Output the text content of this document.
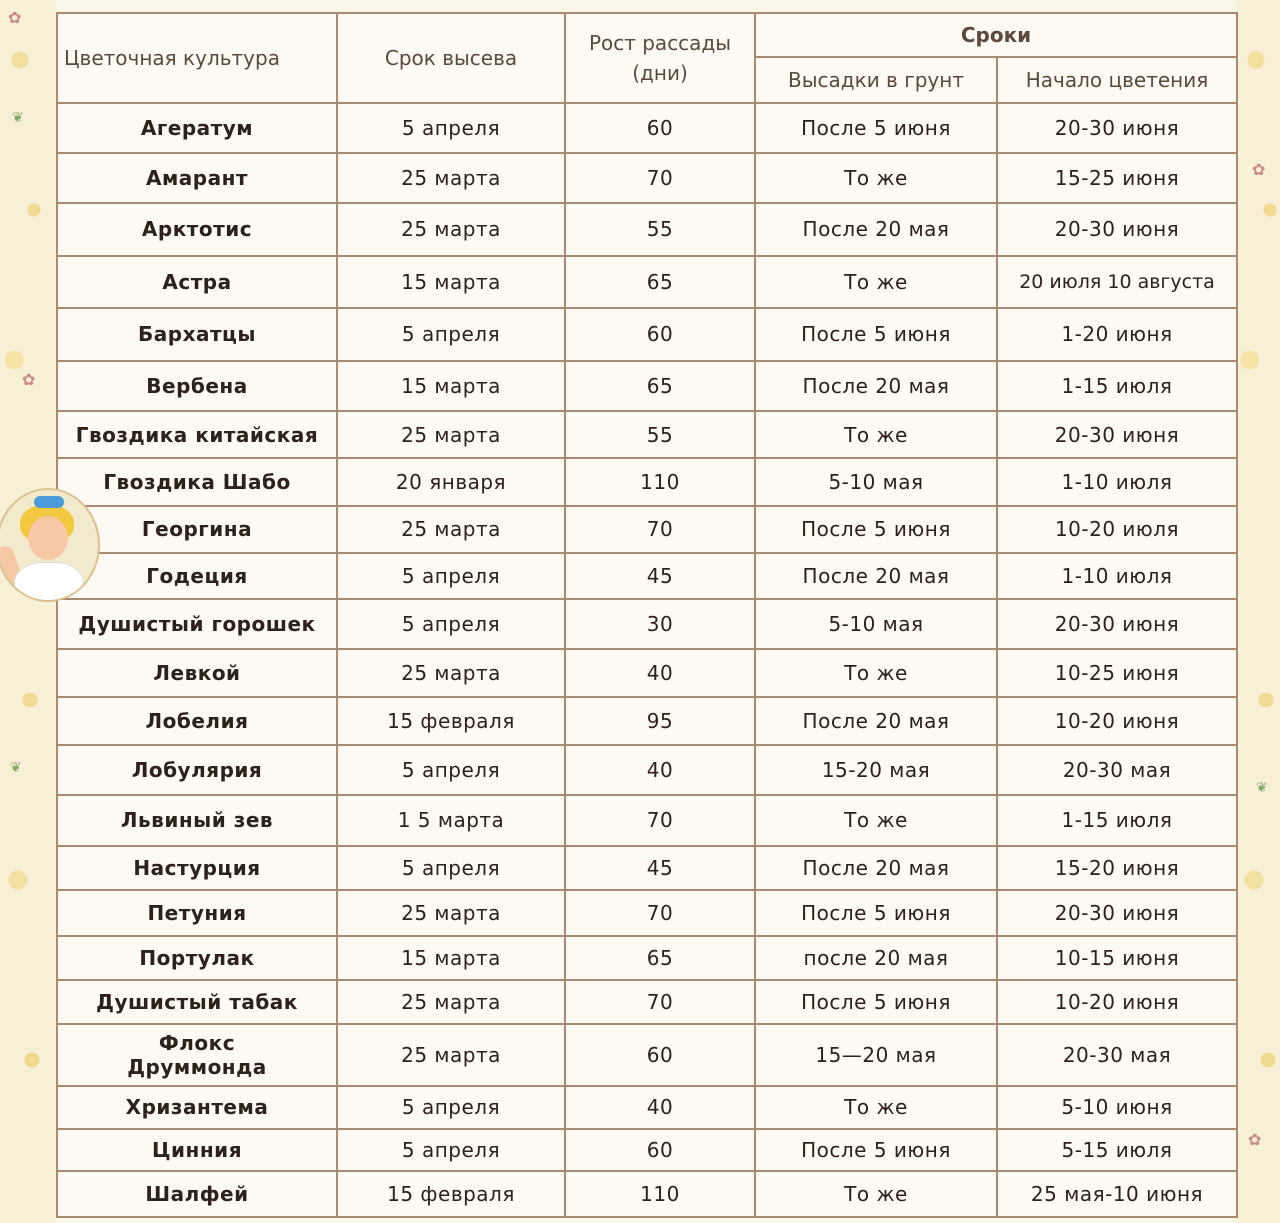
✿
❦
✿
❦
✿
❦
✿
Цветочная культура	Срок высева	Рост рассады (дни)	Сроки	
			Высадки в грунт	Начало цветения
Агератум	5 апреля	60	После 5 июня	20-30 июня
Амарант	25 марта	70	То же	15-25 июня
Арктотис	25 марта	55	После 20 мая	20-30 июня
Астра	15 марта	65	То же	20 июля 10 августа
Бархатцы	5 апреля	60	После 5 июня	1-20 июня
Вербена	15 марта	65	После 20 мая	1-15 июля
Гвоздика китайская	25 марта	55	То же	20-30 июня
Гвоздика Шабо	20 января	110	5-10 мая	1-10 июля
Георгина	25 марта	70	После 5 июня	10-20 июля
Годеция	5 апреля	45	После 20 мая	1-10 июля
Душистый горошек	5 апреля	30	5-10 мая	20-30 июня
Левкой	25 марта	40	То же	10-25 июня
Лобелия	15 февраля	95	После 20 мая	10-20 июня
Лобулярия	5 апреля	40	15-20 мая	20-30 мая
Львиный зев	1 5 марта	70	То же	1-15 июля
Настурция	5 апреля	45	После 20 мая	15-20 июня
Петуния	25 марта	70	После 5 июня	20-30 июня
Портулак	15 марта	65	после 20 мая	10-15 июня
Душистый табак	25 марта	70	После 5 июня	10-20 июня
Флокс Друммонда	25 марта	60	15—20 мая	20-30 мая
Хризантема	5 апреля	40	То же	5-10 июня
Цинния	5 апреля	60	После 5 июня	5-15 июля
Шалфей	15 февраля	110	То же	25 мая-10 июня
